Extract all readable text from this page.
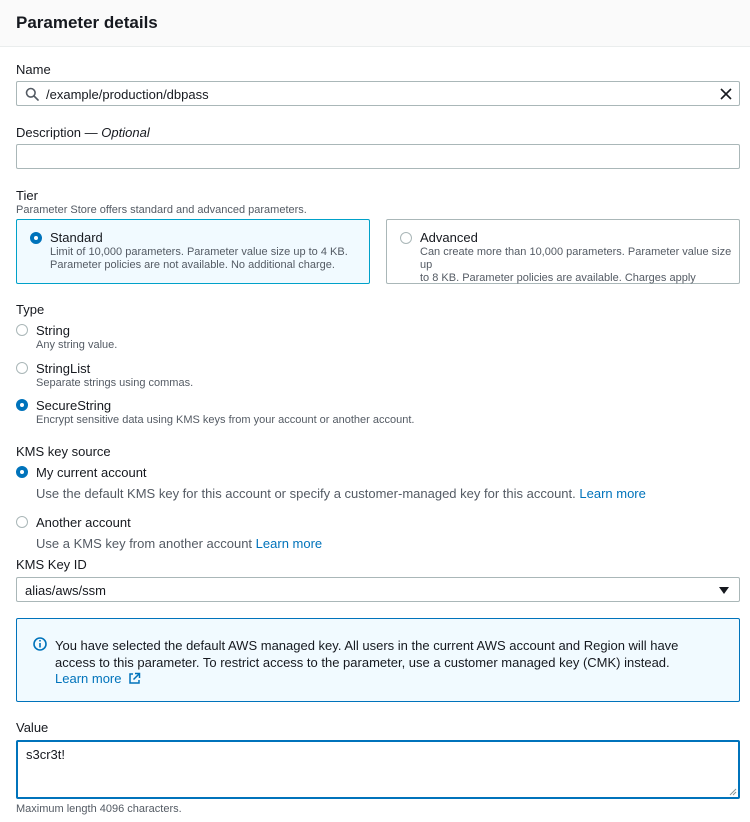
Parameter details
Name
/example/production/dbpass
Description — Optional
Tier
Parameter Store offers standard and advanced parameters.
Standard
Limit of 10,000 parameters. Parameter value size up to 4 KB.
Parameter policies are not available. No additional charge.
Advanced
Can create more than 10,000 parameters. Parameter value size up
to 8 KB. Parameter policies are available. Charges apply
Type
String
Any string value.
StringList
Separate strings using commas.
SecureString
Encrypt sensitive data using KMS keys from your account or another account.
KMS key source
My current account
Use the default KMS key for this account or specify a customer-managed key for this account. Learn more
Another account
Use a KMS key from another account Learn more
KMS Key ID
alias/aws/ssm
You have selected the default AWS managed key. All users in the current AWS account and Region will have access to this parameter. To restrict access to the parameter, use a customer managed key (CMK) instead.
Learn more
Value
s3cr3t!
Maximum length 4096 characters.
